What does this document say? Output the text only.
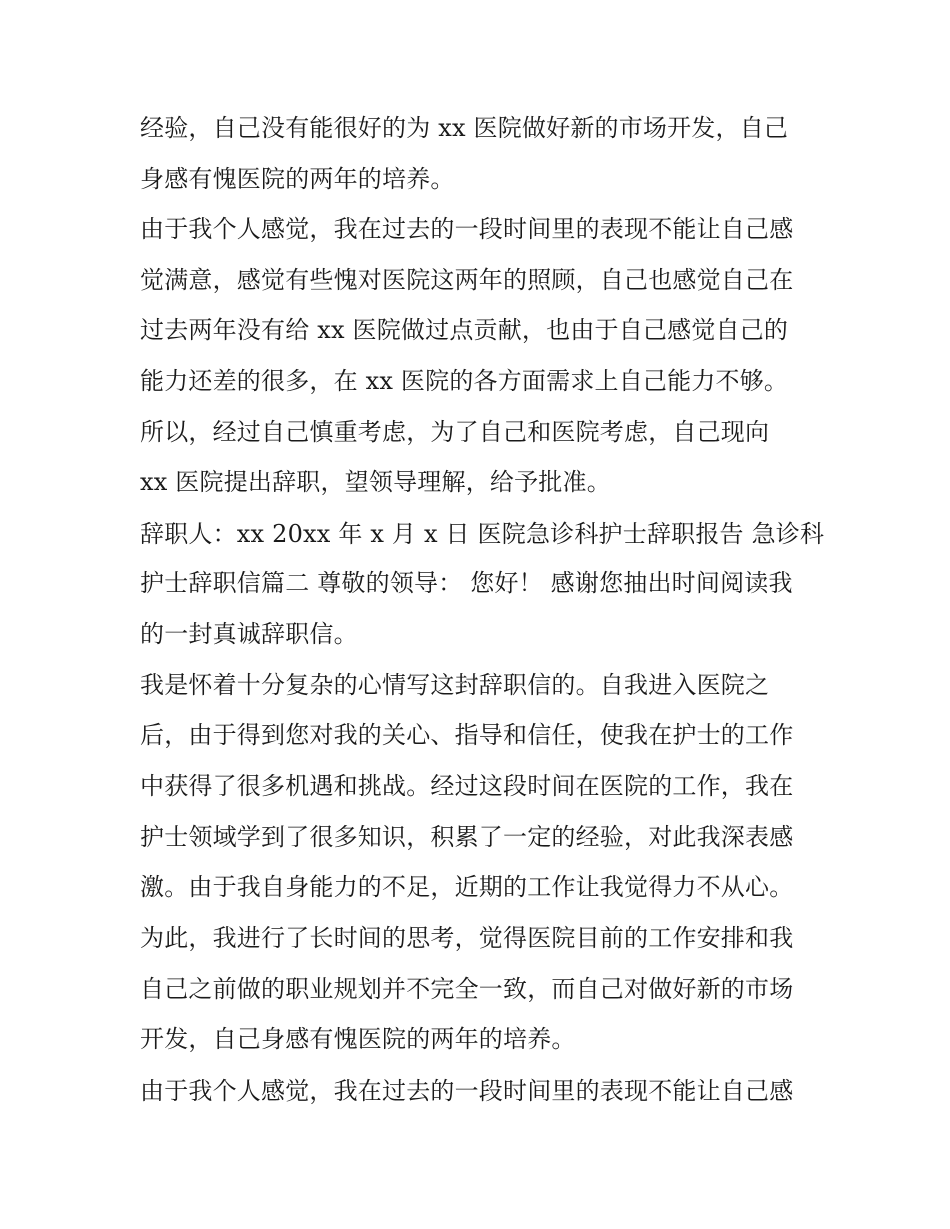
经验，自己没有能很好的为 xx 医院做好新的市场开发，自己
身感有愧医院的两年的培养。
由于我个人感觉，我在过去的一段时间里的表现不能让自己感
觉满意，感觉有些愧对医院这两年的照顾，自己也感觉自己在
过去两年没有给 xx 医院做过点贡献，也由于自己感觉自己的
能力还差的很多，在 xx 医院的各方面需求上自己能力不够。
所以，经过自己慎重考虑，为了自己和医院考虑，自己现向
xx 医院提出辞职，望领导理解，给予批准。
辞职人：xx 20xx 年 x 月 x 日 医院急诊科护士辞职报告 急诊科
护士辞职信篇二 尊敬的领导： 您好！ 感谢您抽出时间阅读我
的一封真诚辞职信。
我是怀着十分复杂的心情写这封辞职信的。自我进入医院之
后，由于得到您对我的关心、指导和信任，使我在护士的工作
中获得了很多机遇和挑战。经过这段时间在医院的工作，我在
护士领域学到了很多知识，积累了一定的经验，对此我深表感
激。由于我自身能力的不足，近期的工作让我觉得力不从心。
为此，我进行了长时间的思考，觉得医院目前的工作安排和我
自己之前做的职业规划并不完全一致，而自己对做好新的市场
开发，自己身感有愧医院的两年的培养。
由于我个人感觉，我在过去的一段时间里的表现不能让自己感
